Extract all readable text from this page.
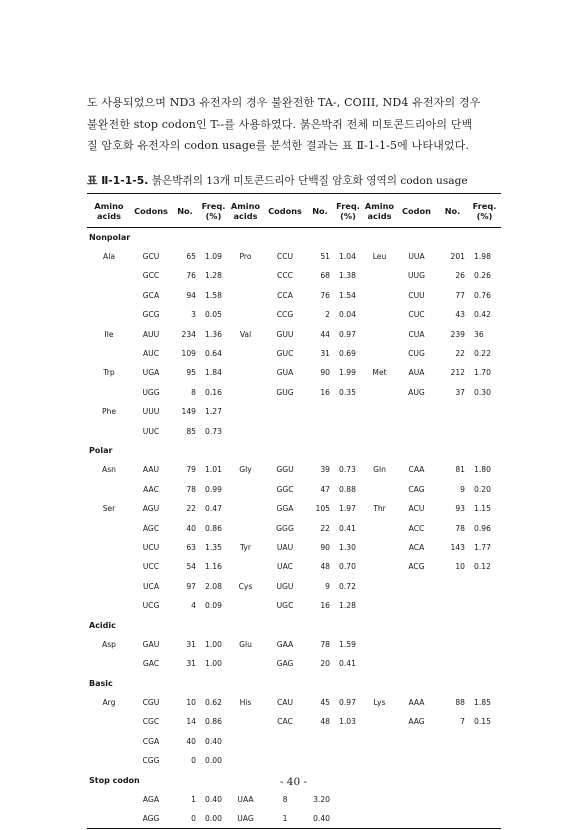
도 사용되었으며 ND3 유전자의 경우 불완전한 TA-, COIII, ND4 유전자의 경우
불완전한 stop codon인 T--를 사용하였다. 붉은박쥐 전체 미토콘드리아의 단백
질 암호화 유전자의 codon usage를 분석한 결과는 표 Ⅱ-1-1-5에 나타내었다.
표 Ⅱ-1-1-5. 붉은박쥐의 13개 미토콘드리아 단백질 암호화 영역의 codon usage
Amino acids	Codons	No.	Freq. (%)	Amino acids	Codons	No.	Freq. (%)	Amino acids	Codon	No.	Freq. (%)
Nonpolar											
Ala	GCU	65	1.09	Pro	CCU	51	1.04	Leu	UUA	201	1.98
	GCC	76	1.28		CCC	68	1.38		UUG	26	0.26
	GCA	94	1.58		CCA	76	1.54		CUU	77	0.76
	GCG	3	0.05		CCG	2	0.04		CUC	43	0.42
Ile	AUU	234	1.36	Val	GUU	44	0.97		CUA	239	36
	AUC	109	0.64		GUC	31	0.69		CUG	22	0.22
Trp	UGA	95	1.84		GUA	90	1.99	Met	AUA	212	1.70
	UGG	8	0.16		GUG	16	0.35		AUG	37	0.30
Phe	UUU	149	1.27								
	UUC	85	0.73								
Polar											
Asn	AAU	79	1.01	Gly	GGU	39	0.73	Gln	CAA	81	1.80
	AAC	78	0.99		GGC	47	0.88		CAG	9	0.20
Ser	AGU	22	0.47		GGA	105	1.97	Thr	ACU	93	1.15
	AGC	40	0.86		GGG	22	0.41		ACC	78	0.96
	UCU	63	1.35	Tyr	UAU	90	1.30		ACA	143	1.77
	UCC	54	1.16		UAC	48	0.70		ACG	10	0.12
	UCA	97	2.08	Cys	UGU	9	0.72				
	UCG	4	0.09		UGC	16	1.28				
Acidic											
Asp	GAU	31	1.00	Glu	GAA	78	1.59				
	GAC	31	1.00		GAG	20	0.41				
Basic											
Arg	CGU	10	0.62	His	CAU	45	0.97	Lys	AAA	88	1.85
	CGC	14	0.86		CAC	48	1.03		AAG	7	0.15
	CGA	40	0.40								
	CGG	0	0.00								
Stop codon											
	AGA	1	0.40	UAA	8	3.20					
	AGG	0	0.00	UAG	1	0.40					
- 40 -
